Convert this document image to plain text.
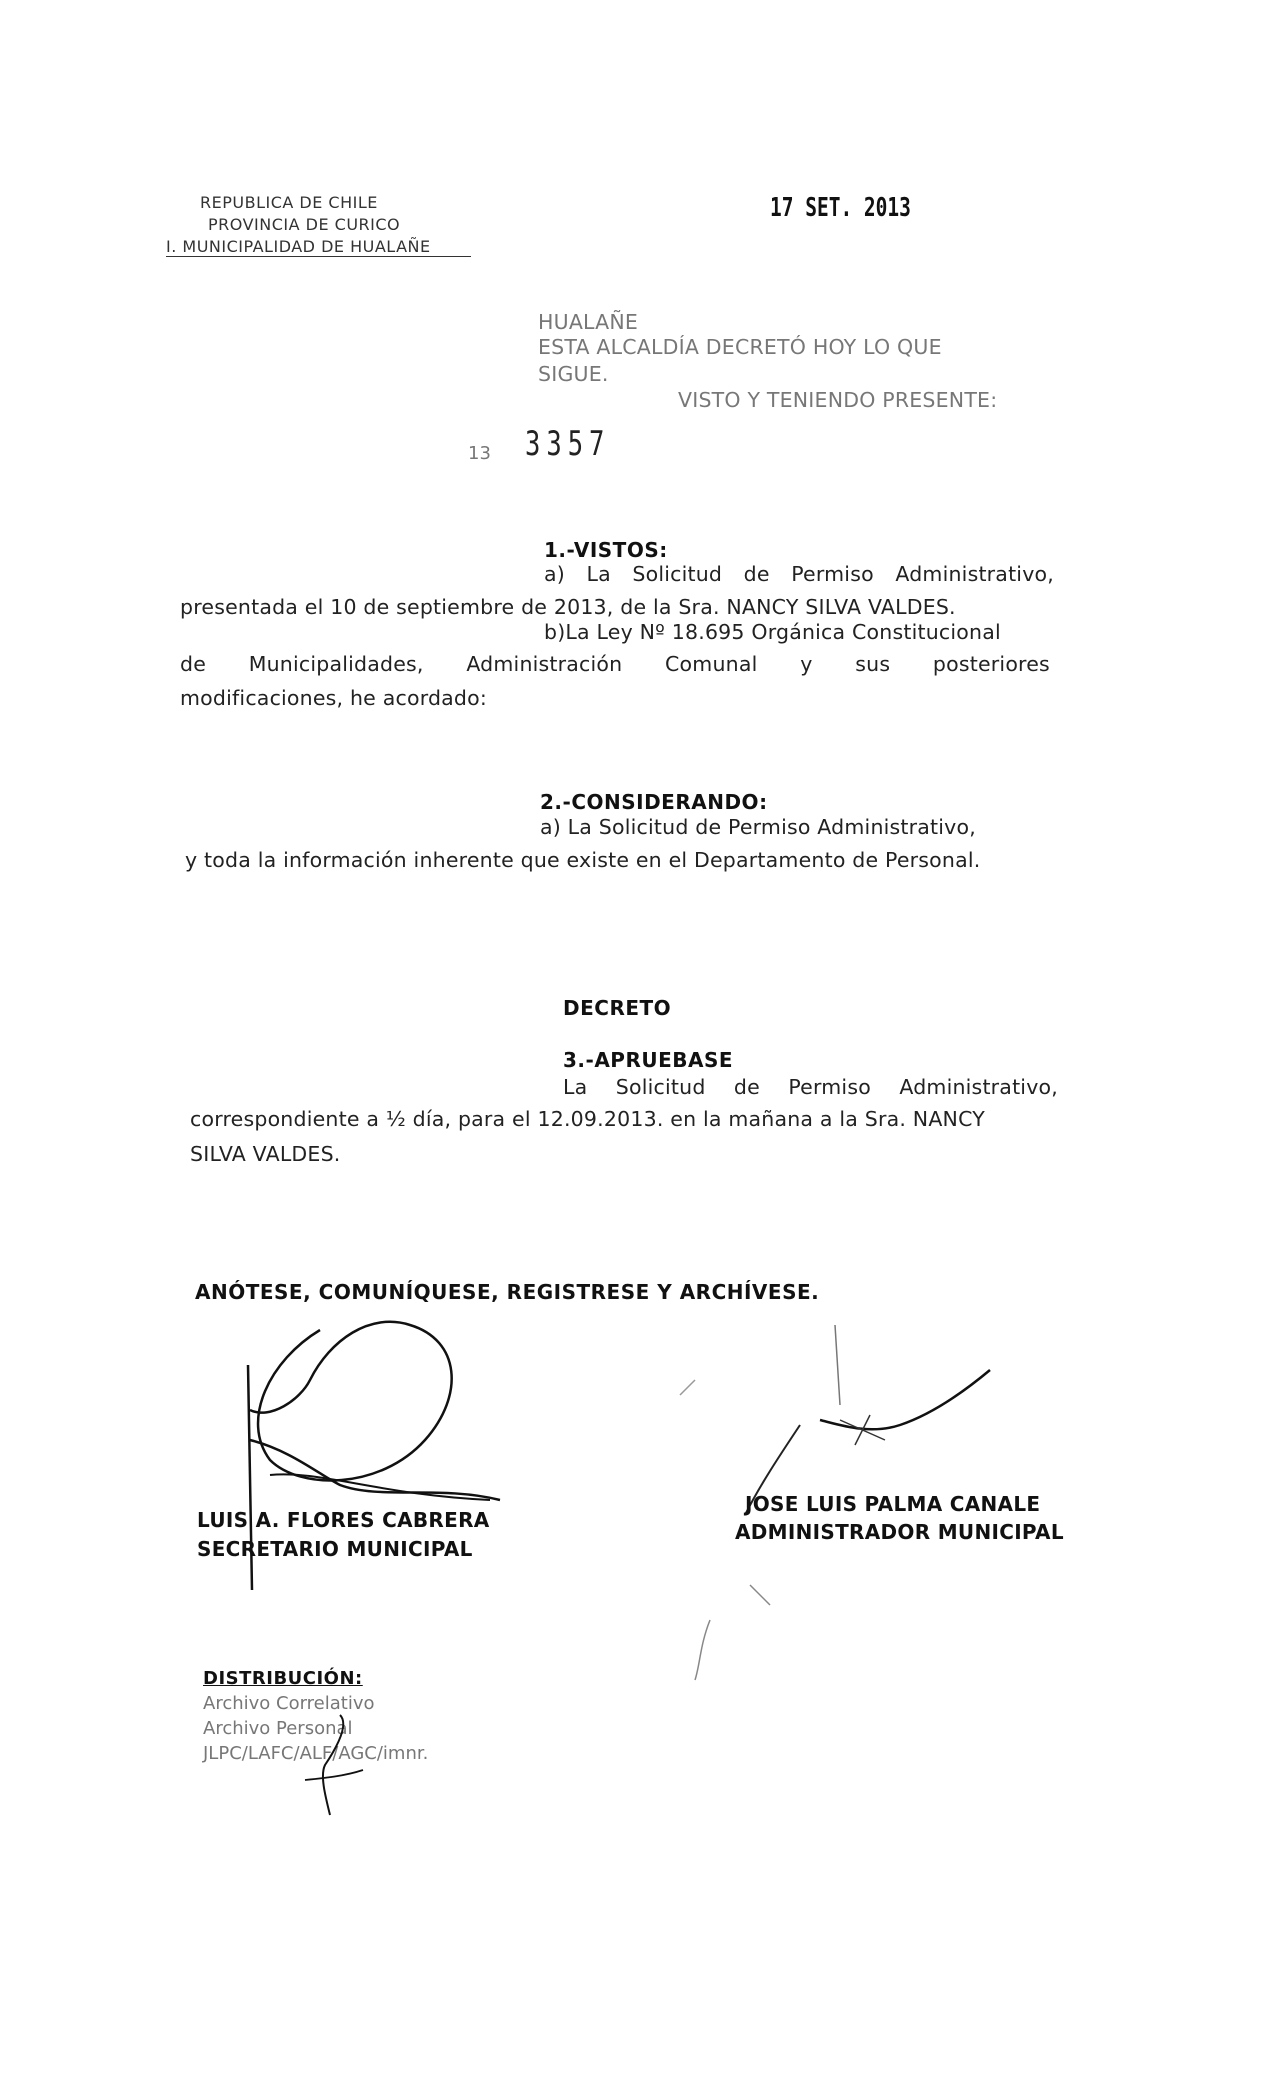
REPUBLICA DE CHILE
PROVINCIA DE CURICO
I. MUNICIPALIDAD DE HUALAÑE
17 SET. 2013
HUALAÑE
ESTA ALCALDÍA DECRETÓ HOY LO QUE
SIGUE.
VISTO Y TENIENDO PRESENTE:
13 3357
1.-VISTOS:
a) La Solicitud de Permiso Administrativo,
presentada el 10 de septiembre de 2013, de la Sra. NANCY SILVA VALDES.
b)La Ley Nº 18.695 Orgánica Constitucional
de Municipalidades, Administración Comunal y sus posteriores
modificaciones, he acordado:
2.-CONSIDERANDO:
a) La Solicitud de Permiso Administrativo,
y toda la información inherente que existe en el Departamento de Personal.
DECRETO
3.-APRUEBASE
La Solicitud de Permiso Administrativo,
correspondiente a ½ día, para el 12.09.2013. en la mañana a la Sra. NANCY
SILVA VALDES.
ANÓTESE, COMUNÍQUESE, REGISTRESE Y ARCHÍVESE.
LUIS A. FLORES CABRERA
SECRETARIO MUNICIPAL
JOSE LUIS PALMA CANALE
ADMINISTRADOR MUNICIPAL
DISTRIBUCIÓN:
Archivo Correlativo
Archivo Personal
JLPC/LAFC/ALF/AGC/imnr.
